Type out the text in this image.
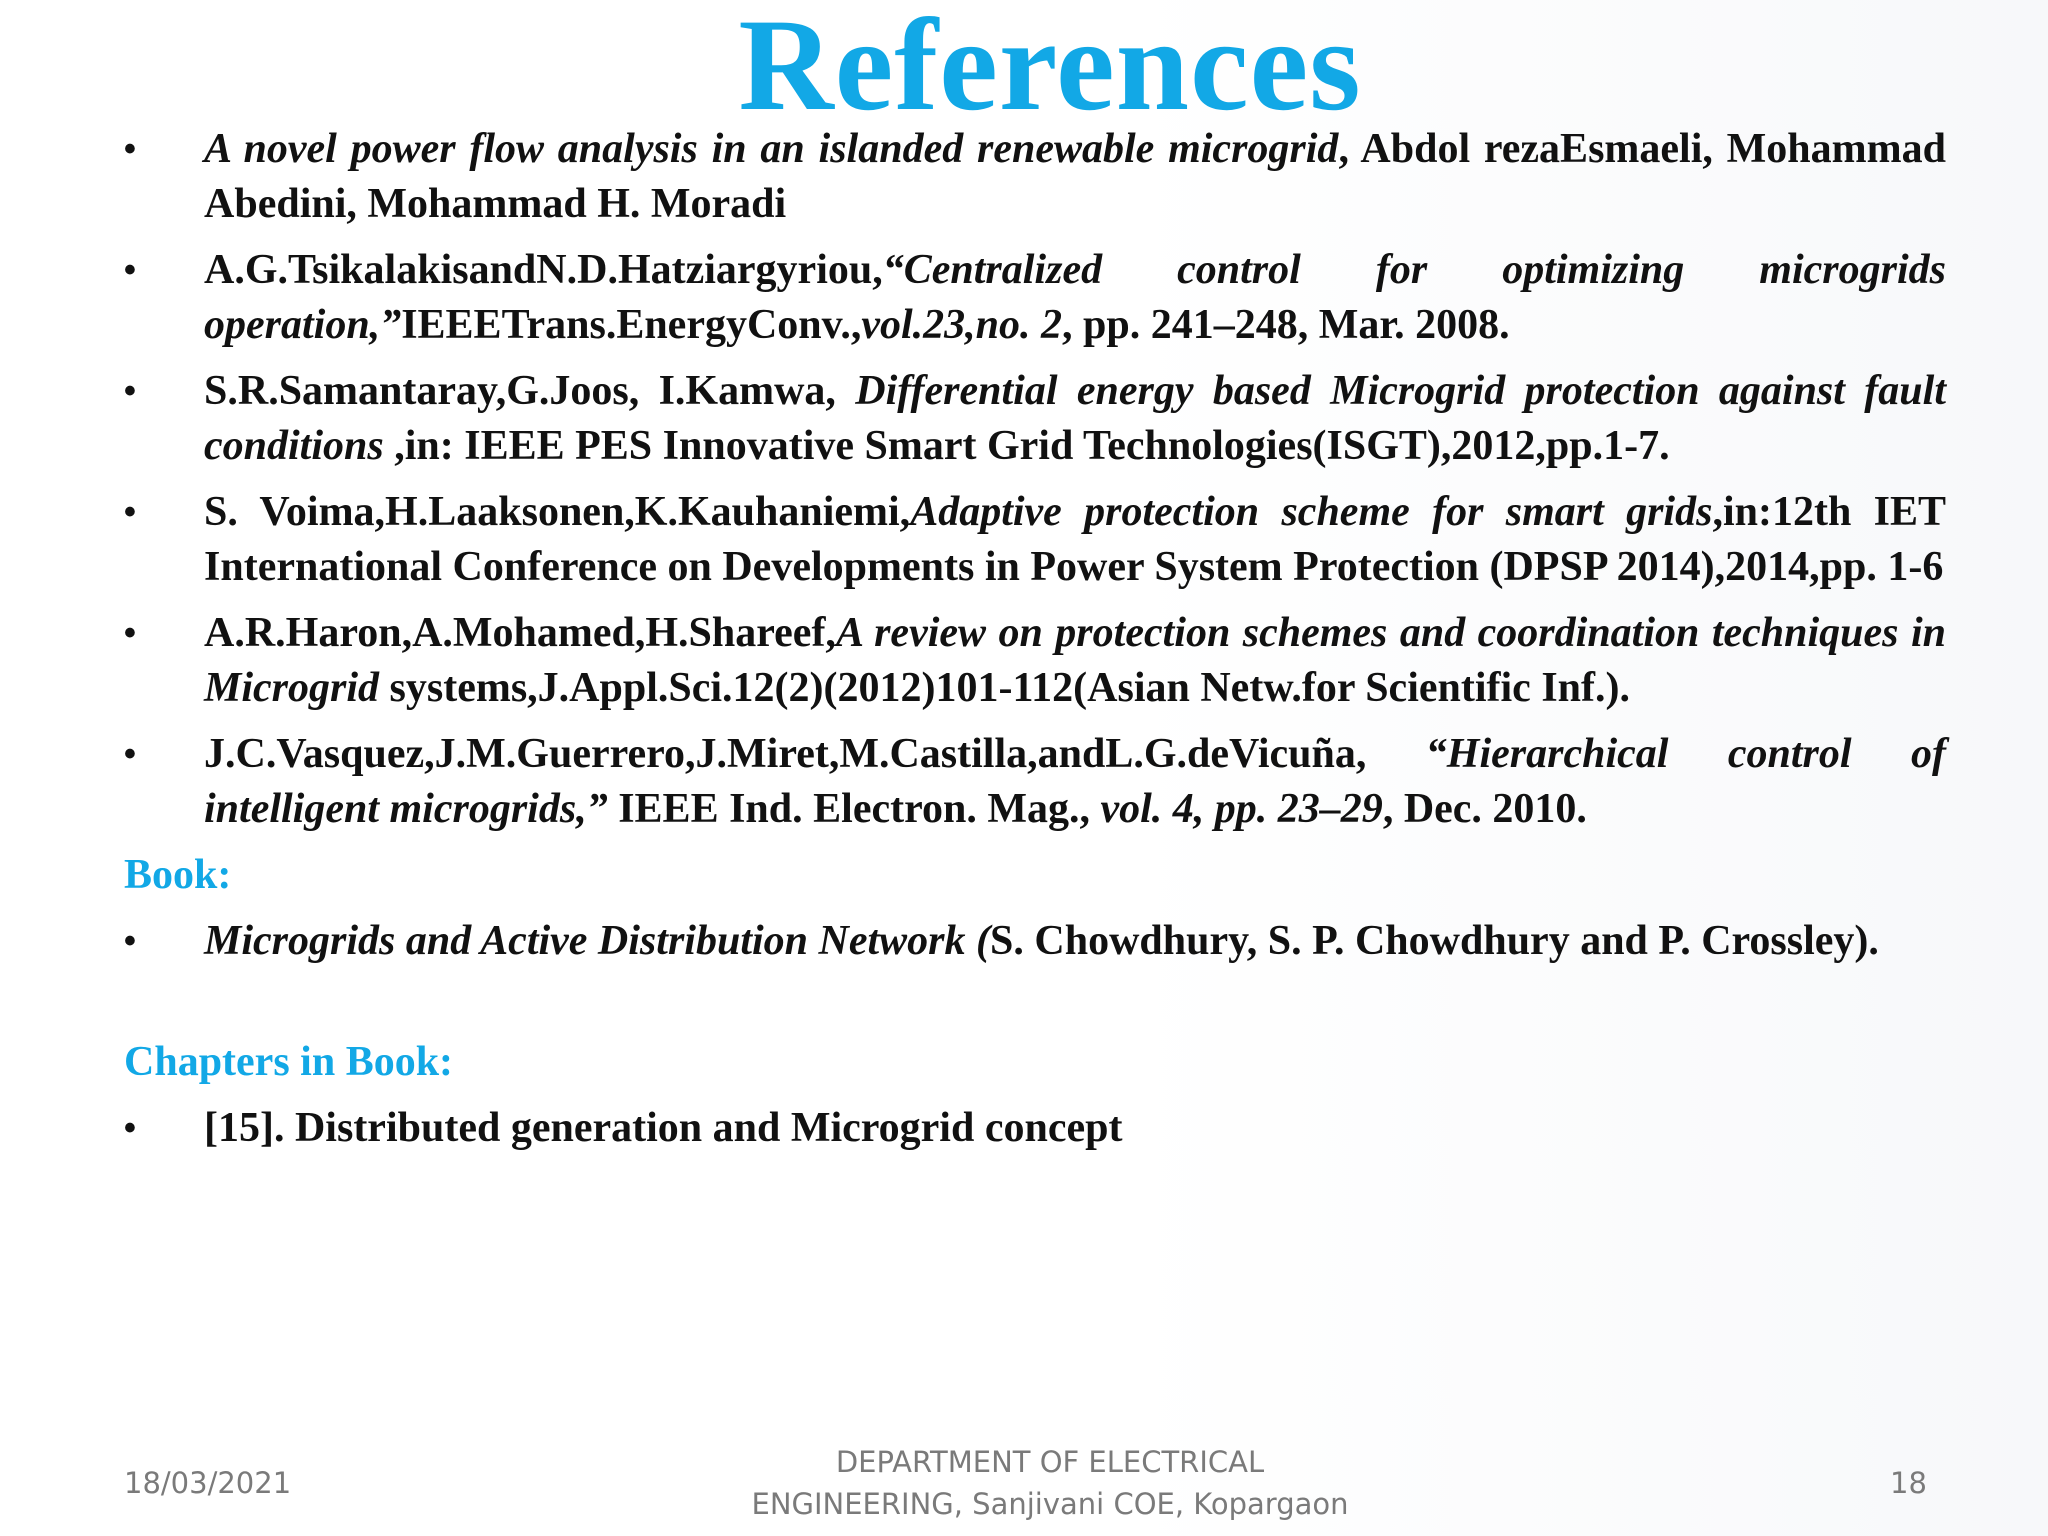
References
•	A novel power flow analysis in an islanded renewable microgrid, Abdol rezaEsmaeli, Mohammad Abedini, Mohammad H. Moradi
•	A.G.TsikalakisandN.D.Hatziargyriou,“Centralized control for optimizing microgrids operation,”IEEETrans.EnergyConv.,vol.23,no. 2, pp. 241–248, Mar. 2008.
•	S.R.Samantaray,G.Joos, I.Kamwa, Differential energy based Microgrid protection against fault conditions ,in: IEEE PES Innovative Smart Grid Technologies(ISGT),2012,pp.1-7.
•	S. Voima,H.Laaksonen,K.Kauhaniemi,Adaptive protection scheme for smart grids,in:12th IET International Conference on Developments in Power System Protection (DPSP 2014),2014,pp. 1-6
•	A.R.Haron,A.Mohamed,H.Shareef,A review on protection schemes and coordination techniques in Microgrid systems,J.Appl.Sci.12(2)(2012)101-112(Asian Netw.for Scientific Inf.).
•	J.C.Vasquez,J.M.Guerrero,J.Miret,M.Castilla,andL.G.deVicuña, “Hierarchical control of intelligent microgrids,” IEEE Ind. Electron. Mag., vol. 4, pp. 23–29, Dec. 2010.
Book:
•	Microgrids and Active Distribution Network (S. Chowdhury, S. P. Chowdhury and P. Crossley).
Chapters in Book:
•	[15]. Distributed generation and Microgrid concept
18/03/2021
DEPARTMENT OF ELECTRICAL
ENGINEERING, Sanjivani COE, Kopargaon
18
